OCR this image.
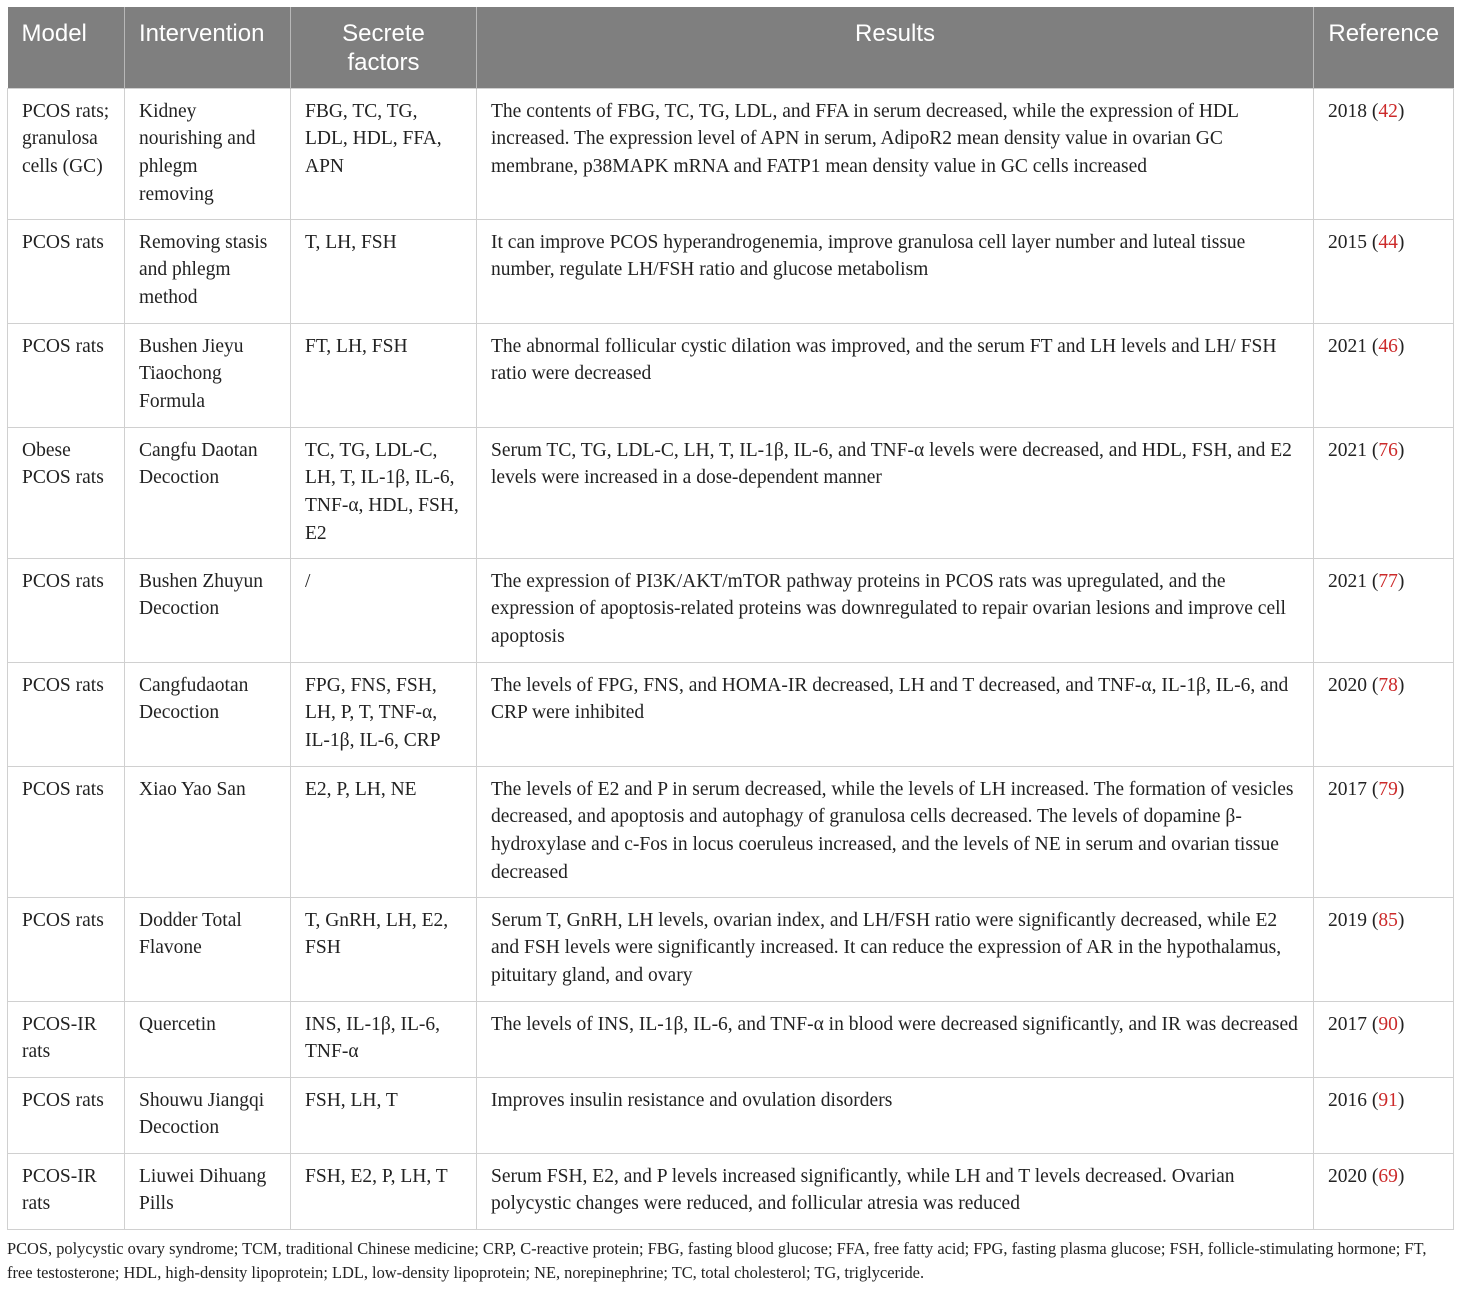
Model	Intervention	Secrete factors	Results	Reference
PCOS rats; granulosa cells (GC)	Kidney nourishing and phlegm removing	FBG, TC, TG, LDL, HDL, FFA, APN	The contents of FBG, TC, TG, LDL, and FFA in serum decreased, while the expression of HDL increased. The expression level of APN in serum, AdipoR2 mean density value in ovarian GC membrane, p38MAPK mRNA and FATP1 mean density value in GC cells increased	2018 (42)
PCOS rats	Removing stasis and phlegm method	T, LH, FSH	It can improve PCOS hyperandrogenemia, improve granulosa cell layer number and luteal tissue number, regulate LH/FSH ratio and glucose metabolism	2015 (44)
PCOS rats	Bushen Jieyu Tiaochong Formula	FT, LH, FSH	The abnormal follicular cystic dilation was improved, and the serum FT and LH levels and LH/ FSH ratio were decreased	2021 (46)
Obese PCOS rats	Cangfu Daotan Decoction	TC, TG, LDL-C, LH, T, IL-1β, IL-6, TNF-α, HDL, FSH, E2	Serum TC, TG, LDL-C, LH, T, IL-1β, IL-6, and TNF-α levels were decreased, and HDL, FSH, and E2 levels were increased in a dose-dependent manner	2021 (76)
PCOS rats	Bushen Zhuyun Decoction	/	The expression of PI3K/AKT/mTOR pathway proteins in PCOS rats was upregulated, and the expression of apoptosis-related proteins was downregulated to repair ovarian lesions and improve cell apoptosis	2021 (77)
PCOS rats	Cangfudaotan Decoction	FPG, FNS, FSH, LH, P, T, TNF-α, IL-1β, IL-6, CRP	The levels of FPG, FNS, and HOMA-IR decreased, LH and T decreased, and TNF-α, IL-1β, IL-6, and CRP were inhibited	2020 (78)
PCOS rats	Xiao Yao San	E2, P, LH, NE	The levels of E2 and P in serum decreased, while the levels of LH increased. The formation of vesicles decreased, and apoptosis and autophagy of granulosa cells decreased. The levels of dopamine β-hydroxylase and c-Fos in locus coeruleus increased, and the levels of NE in serum and ovarian tissue decreased	2017 (79)
PCOS rats	Dodder Total Flavone	T, GnRH, LH, E2, FSH	Serum T, GnRH, LH levels, ovarian index, and LH/FSH ratio were significantly decreased, while E2 and FSH levels were significantly increased. It can reduce the expression of AR in the hypothalamus, pituitary gland, and ovary	2019 (85)
PCOS-IR rats	Quercetin	INS, IL-1β, IL-6, TNF-α	The levels of INS, IL-1β, IL-6, and TNF-α in blood were decreased significantly, and IR was decreased	2017 (90)
PCOS rats	Shouwu Jiangqi Decoction	FSH, LH, T	Improves insulin resistance and ovulation disorders	2016 (91)
PCOS-IR rats	Liuwei Dihuang Pills	FSH, E2, P, LH, T	Serum FSH, E2, and P levels increased significantly, while LH and T levels decreased. Ovarian polycystic changes were reduced, and follicular atresia was reduced	2020 (69)

PCOS, polycystic ovary syndrome; TCM, traditional Chinese medicine; CRP, C-reactive protein; FBG, fasting blood glucose; FFA, free fatty acid; FPG, fasting plasma glucose; FSH, follicle-stimulating hormone; FT, free testosterone; HDL, high-density lipoprotein; LDL, low-density lipoprotein; NE, norepinephrine; TC, total cholesterol; TG, triglyceride.
